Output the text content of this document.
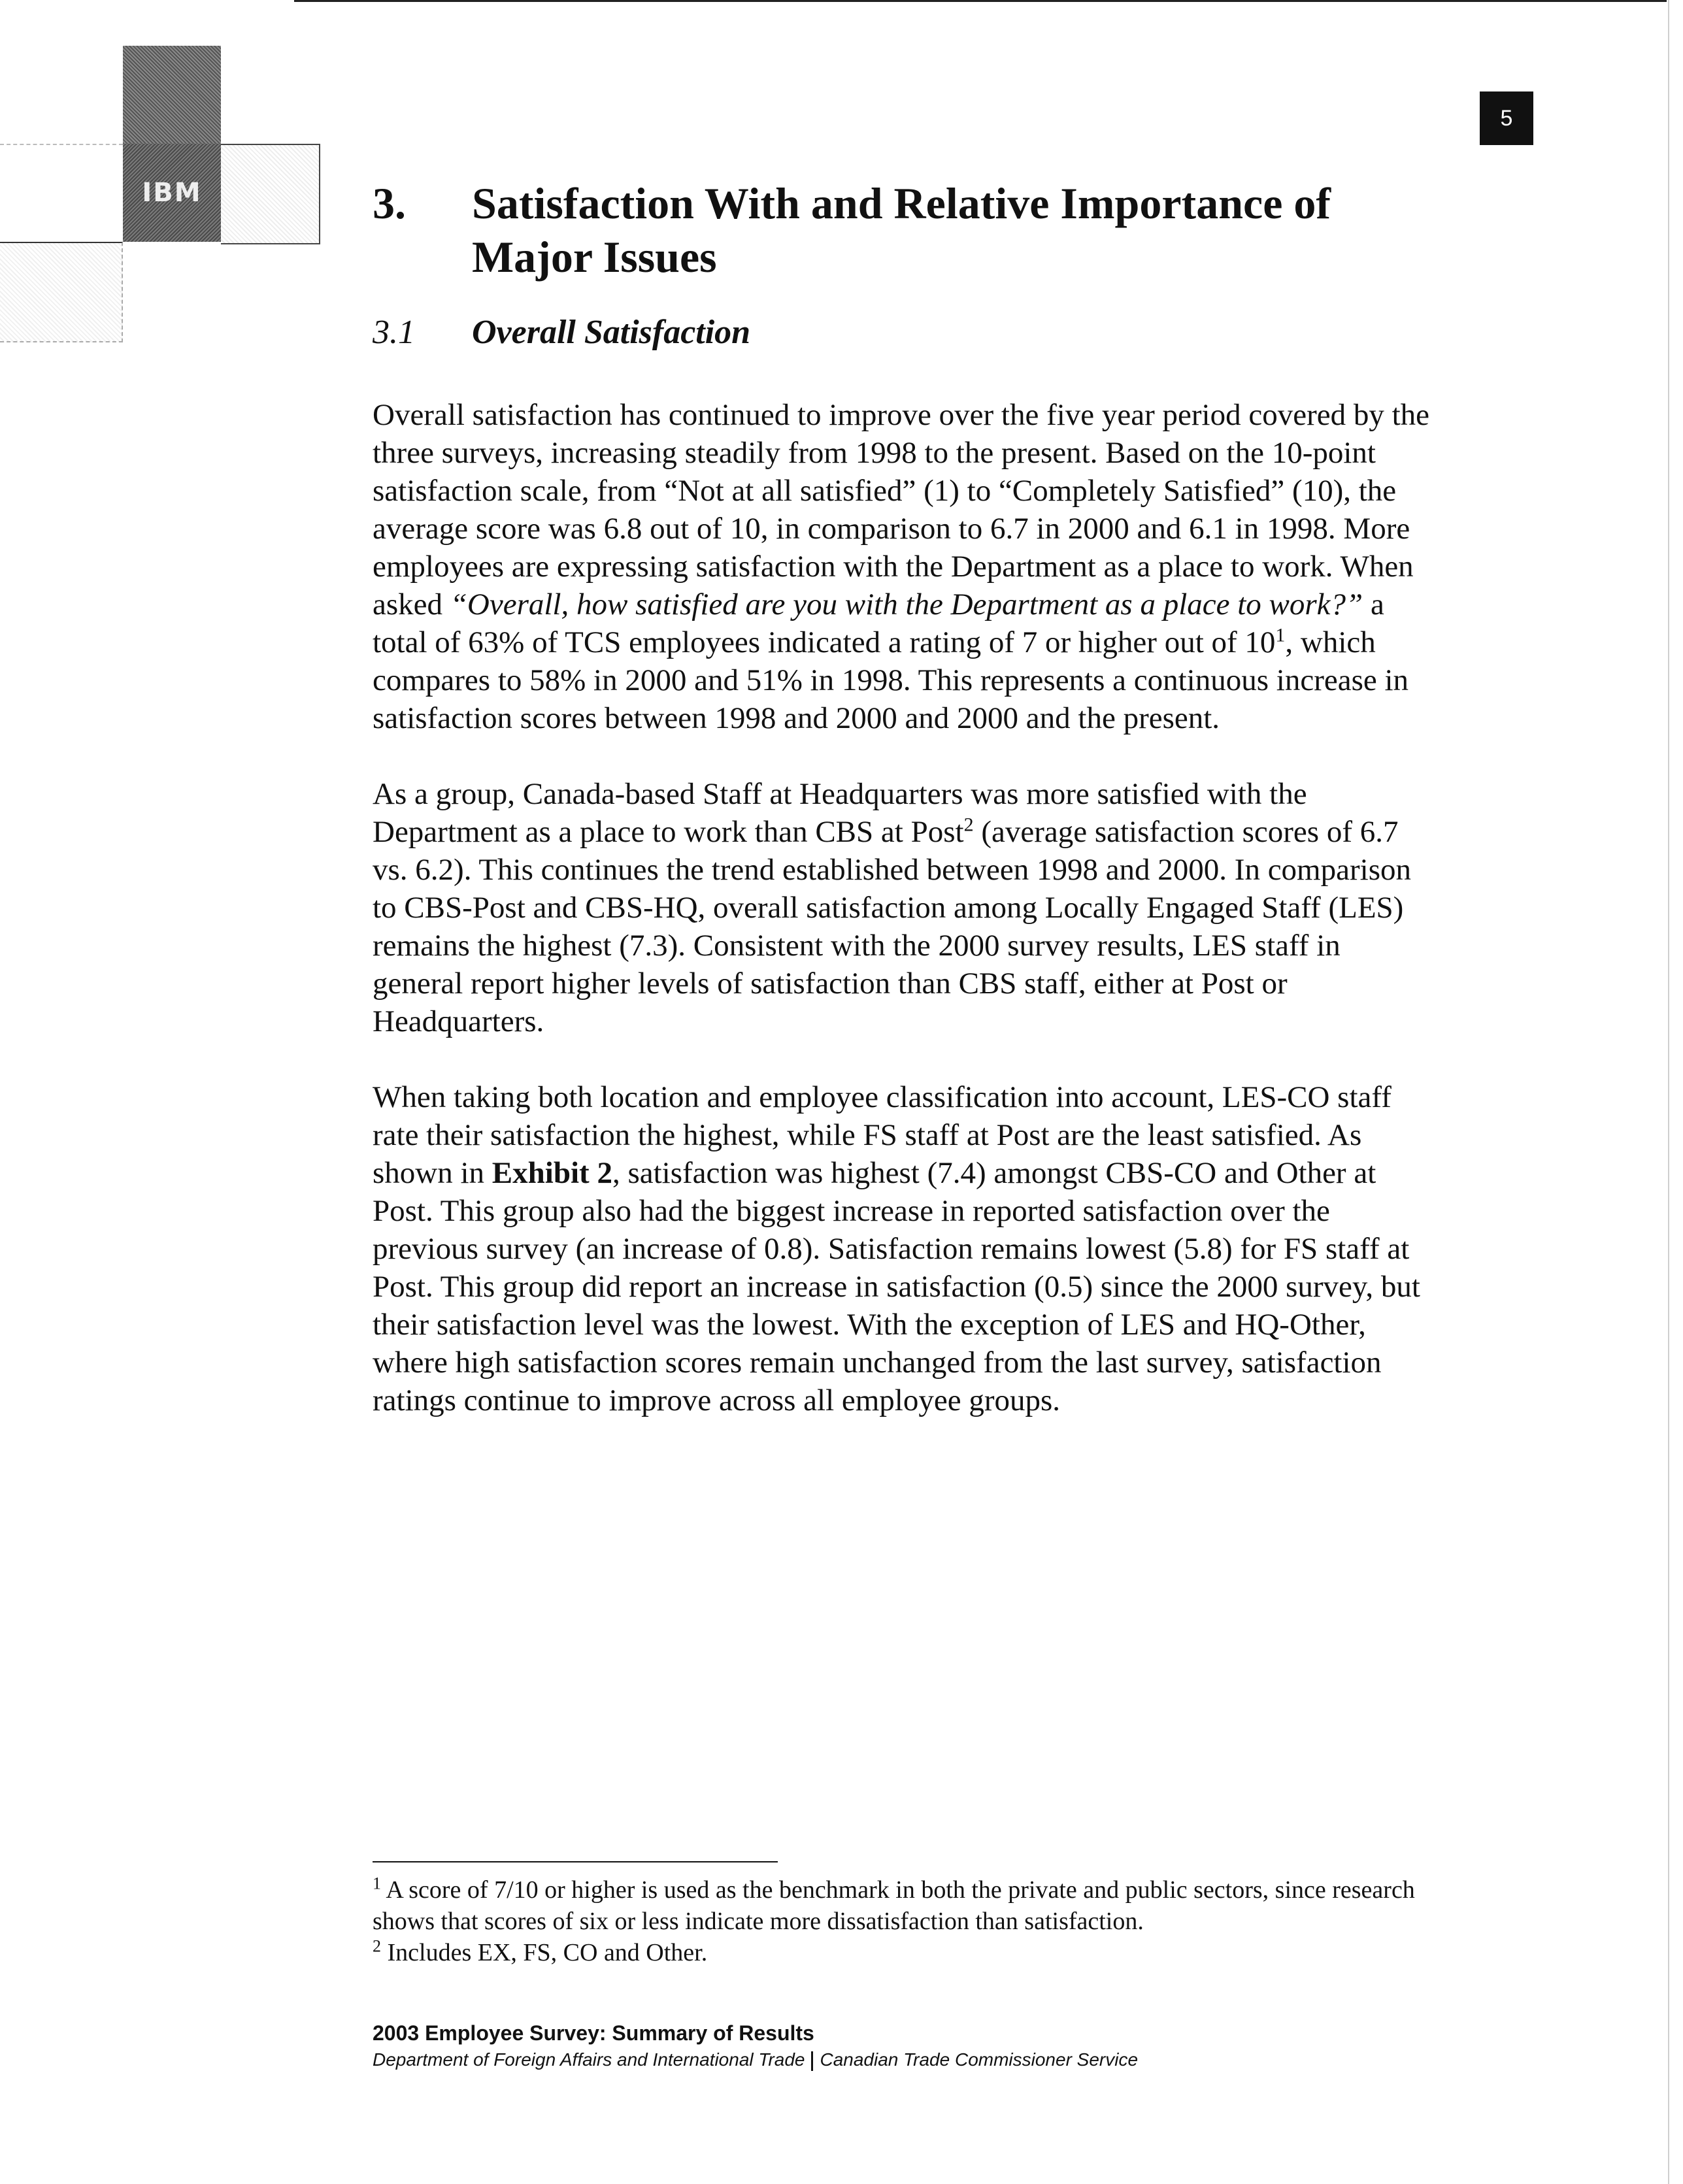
IBM
5
3.	Satisfaction With and Relative Importance of Major Issues
3.1	Overall Satisfaction

Overall satisfaction has continued to improve over the five year period covered by the three surveys, increasing steadily from 1998 to the present. Based on the 10-point satisfaction scale, from “Not at all satisfied” (1) to “Completely Satisfied” (10), the average score was 6.8 out of 10, in comparison to 6.7 in 2000 and 6.1 in 1998. More employees are expressing satisfaction with the Department as a place to work. When asked “Overall, how satisfied are you with the Department as a place to work?” a total of 63% of TCS employees indicated a rating of 7 or higher out of $10^1$, which compares to 58% in 2000 and 51% in 1998. This represents a continuous increase in satisfaction scores between 1998 and 2000 and 2000 and the present.

As a group, Canada-based Staff at Headquarters was more satisfied with the Department as a place to work than CBS at Post$^2$ (average satisfaction scores of 6.7 vs. 6.2). This continues the trend established between 1998 and 2000. In comparison to CBS-Post and CBS-HQ, overall satisfaction among Locally Engaged Staff (LES) remains the highest (7.3). Consistent with the 2000 survey results, LES staff in general report higher levels of satisfaction than CBS staff, either at Post or Headquarters.

When taking both location and employee classification into account, LES-CO staff rate their satisfaction the highest, while FS staff at Post are the least satisfied. As shown in Exhibit 2, satisfaction was highest (7.4) amongst CBS-CO and Other at Post. This group also had the biggest increase in reported satisfaction over the previous survey (an increase of 0.8). Satisfaction remains lowest (5.8) for FS staff at Post. This group did report an increase in satisfaction (0.5) since the 2000 survey, but their satisfaction level was the lowest. With the exception of LES and HQ-Other, where high satisfaction scores remain unchanged from the last survey, satisfaction ratings continue to improve across all employee groups.

$^1$ A score of 7/10 or higher is used as the benchmark in both the private and public sectors, since research shows that scores of six or less indicate more dissatisfaction than satisfaction.
$^2$ Includes EX, FS, CO and Other.
2003 Employee Survey: Summary of Results
Department of Foreign Affairs and International Trade Canadian Trade Commissioner Service
